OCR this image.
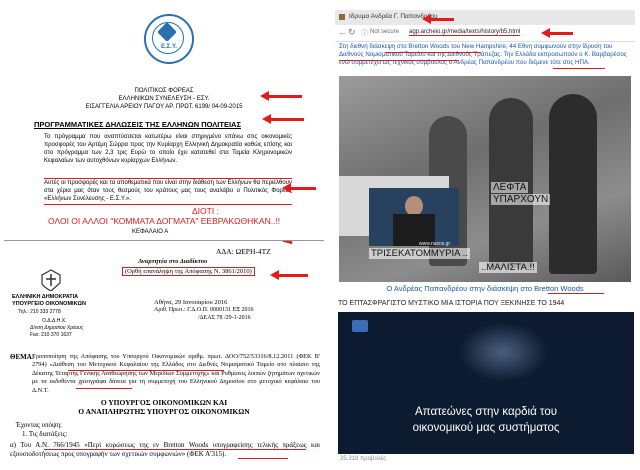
Ε.Σ.Υ.
ΠΟΛΙΤΙΚΟΣ ΦΟΡΕΑΣ
ΕΛΛΗΝΙΚΩΝ ΣΥΝΕΛΕΥΣΗ - ΕΣΥ.
ΕΙΣΑΓΓΕΛΙΑ ΑΡΕΙΟΥ ΠΑΓΟΥ ΑΡ. ΠΡΩΤ. 6199/ 04-09-2015
ΠΡΟΓΡΑΜΜΑΤΙΚΕΣ ΔΗΛΩΣΕΙΣ ΤΗΣ ΕΛΛΗΝΩΝ ΠΟΛΙΤΕΙΑΣ
Το πρόγραμμα που αναπτύσσεται κατωτέρω είναι στηριγμένο επάνω στις οικονομικές προσφορές του Αρτέμη Σώρρα προς την Κυρίαρχη Ελληνική Δημοκρατία καθώς επίσης και στο πρόγραμμα των 2,3 τρις Ευρώ το οποίο έχει κατατεθεί στα Ταμεία Κληρονομικών Κεφαλαίων των αυτοχθόνων κυρίαρχων Ελλήνων.
Αυτές οι προσφορές και τα αποθεματικά που είναι στην διάθεση των Ελλήνων θα περιέλθουν στα χέρια μας όταν τους θεσμούς του κράτους μας τους αναλάβει ο Πολιτικός Φορέας «Ελλήνων Συνέλευσης - Ε.Σ.Υ.».
ΔΙΟΤΙ :
ΟΛΟΙ ΟΙ ΑΛΛΟΙ "ΚΟΜΜΑΤΑ ΔΟΓΜΑΤΑ" ΕΕΒΡΑΚΩΘΗΚΑΝ..!!
ΚΕΦΑΛΑΙΟ Α
ΑΔΑ: ΩΕΡΗ-4ΤΖ
Αναρτητέα στο Διαδίκτυο
(Ορθή επανάληψη της Απόφασης Ν. 3861/2010)
ΕΛΛΗΝΙΚΗ ΔΗΜΟΚΡΑΤΙΑ
ΥΠΟΥΡΓΕΙΟ ΟΙΚΟΝΟΜΙΚΩΝ
Τηλ.: 210 333 2778
Ο.Δ.Δ.Η.Χ.
Δ/νση Δημοσίου Χρέους
Fax: 210 370 1637
Αθήνα, 29 Ιανουαρίου 2016
Αριθ. Πρωτ.: Γ.Δ.Ο.Π. 0000131 ΕΞ 2016
/ΔΕΑΣ 78 /29-1-2016
ΘΕΜΑ:
Τροποποίηση της Απόφασης του Υπουργού Οικονομικών αριθμ. πρωτ. ΔΟΟ/752/53316/8.12.2011 (ΦΕΚ Β' 2794) «Διάθεση του Μετοχικού Κεφαλαίου της Ελλάδος στο Διεθνές Νομισματικό Ταμείο στο πλαίσιο της Δέκατης Τέταρτης Γενικής Αναθεώρησης των Μεριδίων Συμμετοχής» και Ρυθμίσεις λοιπών ζητημάτων σχετικών με τα εκδοθέντα χρεογράφα δάνεια για τη συμμετοχή του Ελληνικού Δημοσίου στο μετοχικό κεφάλαιο του Δ.Ν.Τ.
Ο ΥΠΟΥΡΓΟΣ ΟΙΚΟΝΟΜΙΚΩΝ ΚΑΙ
Ο ΑΝΑΠΛΗΡΩΤΗΣ ΥΠΟΥΡΓΟΣ ΟΙΚΟΝΟΜΙΚΩΝ
Έχοντας υπόψη:
1. Τις διατάξεις:
α) Του Α.Ν. 766/1945 «Περί κυρώσεως της εν Bretton Woods υπογραφείσης τελικής πράξεως και εξουσιοδοτήσεως προς υπογραφήν των σχετικών συμφωνιών» (ΦΕΚ Α'315).
Ιδρυμα Ανδρέα Γ. Παπανδρέου
← ↻ ⓘ Not secure agp.archeio.gr/media/texts/history/b5.html
Στη διεθνή διάσκεψη στο Bretton Woods του New Hampshire, 44 Εθνη συμφωνούν στην ίδρυση του Διεθνούς Νομισματικού Ταμείου και της Διεθνούς Τράπεζας. Την Ελλάδα εκπροσωπούν ο Κ. Βαρβαρέσος ενώ συμμετέχει ως τεχνικός σύμβουλος ο Ανδρέας Παπανδρέου που διέμενε τότε στις ΗΠΑ.
ΛΕΦΤΑ
ΥΠΑΡΧΟΥΝ
ΤΡΙΣΕΚΑΤΟΜΜΥΡΙΑ ..
..ΜΑΛΙΣΤΑ.!!
www.naxos.gr
Ο Ανδρέας Παπανδρέου στην διάσκεψη στο Bretton Woods
ΤΟ ΕΠΤΑΣΦΡΑΓΙΣΤΟ ΜΥΣΤΙΚΟ ΜΙΑ ΙΣΤΟΡΙΑ ΠΟΥ ΞΕΚΙΝΗΣΕ ΤΟ 1944
Απατεώνες στην καρδιά του
οικονομικού μας συστήματος
35.318 προβολές
